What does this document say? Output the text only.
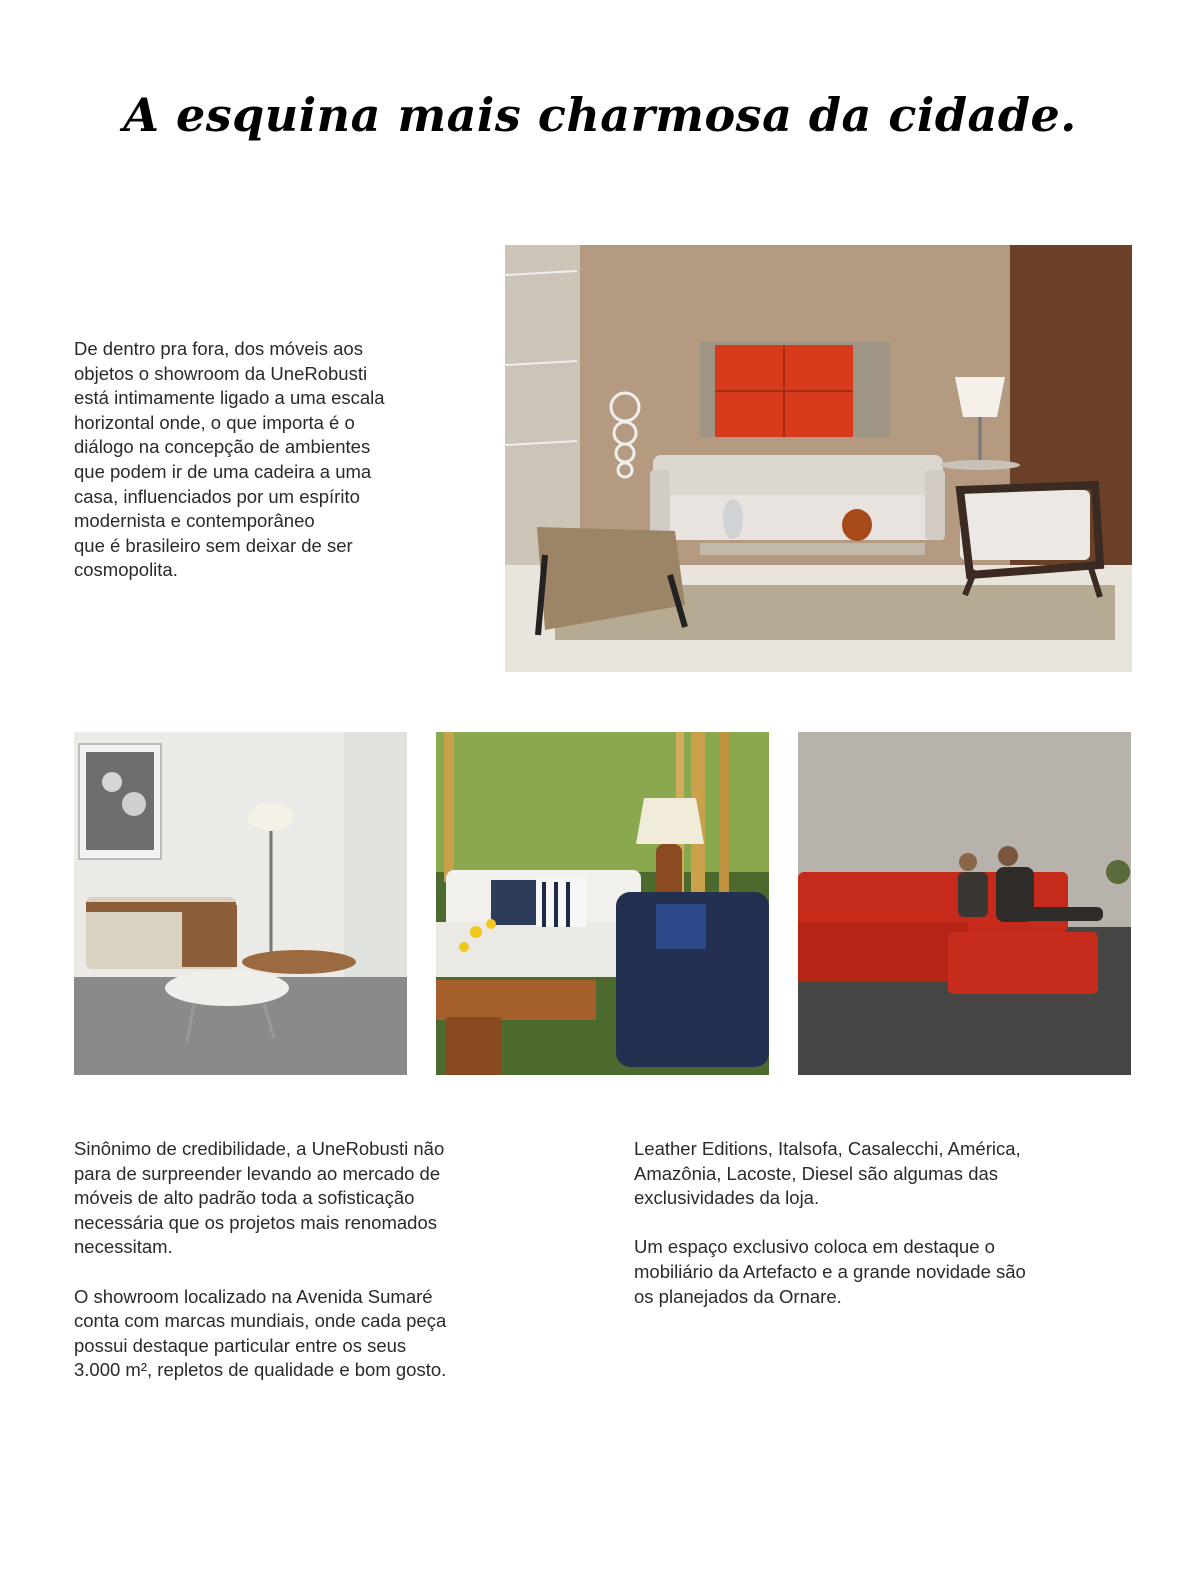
A esquina mais charmosa da cidade.

De dentro pra fora, dos móveis aos

objetos o showroom da UneRobusti

está intimamente ligado a uma escala

horizontal onde, o que importa é o

diálogo na concepção de ambientes

que podem ir de uma cadeira a uma

casa, influenciados por um espírito

modernista e contemporâneo

que é brasileiro sem deixar de ser

cosmopolita.

Sinônimo de credibilidade, a UneRobusti não

para de surpreender levando ao mercado de

móveis de alto padrão toda a sofisticação

necessária que os projetos mais renomados

necessitam.

O showroom localizado na Avenida Sumaré

conta com marcas mundiais, onde cada peça

possui destaque particular entre os seus

3.000 m², repletos de qualidade e bom gosto.

Leather Editions, Italsofa, Casalecchi, América,

Amazônia, Lacoste, Diesel são algumas das

exclusividades da loja.

Um espaço exclusivo coloca em destaque o

mobiliário da Artefacto e a grande novidade são

os planejados da Ornare.
